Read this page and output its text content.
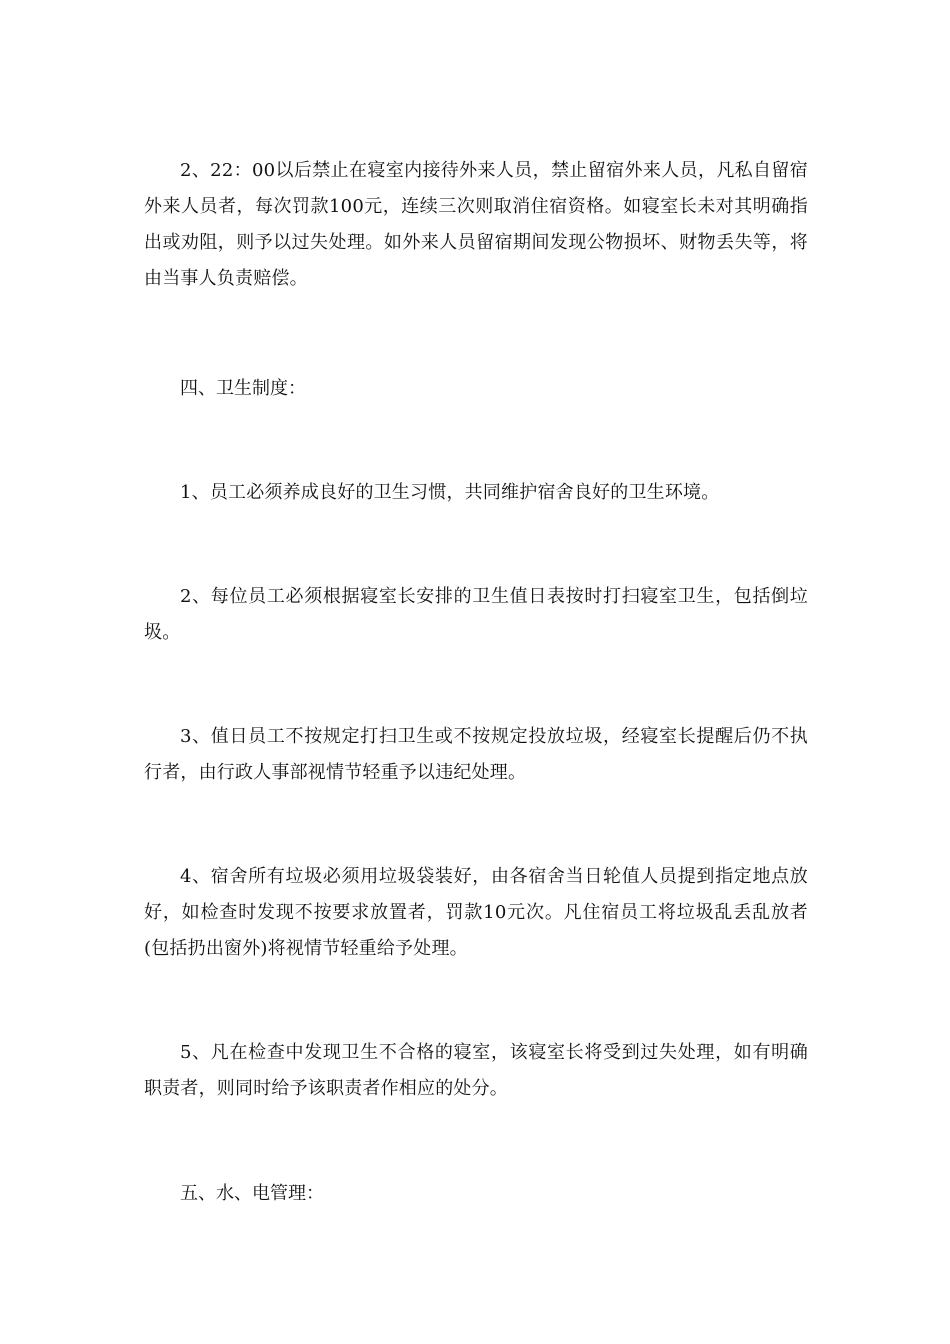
2、22：00以后禁止在寝室内接待外来人员，禁止留宿外来人员，凡私自留宿外来人员者，每次罚款100元，连续三次则取消住宿资格。如寝室长未对其明确指出或劝阻，则予以过失处理。如外来人员留宿期间发现公物损坏、财物丢失等，将由当事人负责赔偿。

四、卫生制度：

1、员工必须养成良好的卫生习惯，共同维护宿舍良好的卫生环境。

2、每位员工必须根据寝室长安排的卫生值日表按时打扫寝室卫生，包括倒垃圾。

3、值日员工不按规定打扫卫生或不按规定投放垃圾，经寝室长提醒后仍不执行者，由行政人事部视情节轻重予以违纪处理。

4、宿舍所有垃圾必须用垃圾袋装好，由各宿舍当日轮值人员提到指定地点放好，如检查时发现不按要求放置者，罚款10元次。凡住宿员工将垃圾乱丢乱放者(包括扔出窗外)将视情节轻重给予处理。

5、凡在检查中发现卫生不合格的寝室，该寝室长将受到过失处理，如有明确职责者，则同时给予该职责者作相应的处分。

五、水、电管理：
